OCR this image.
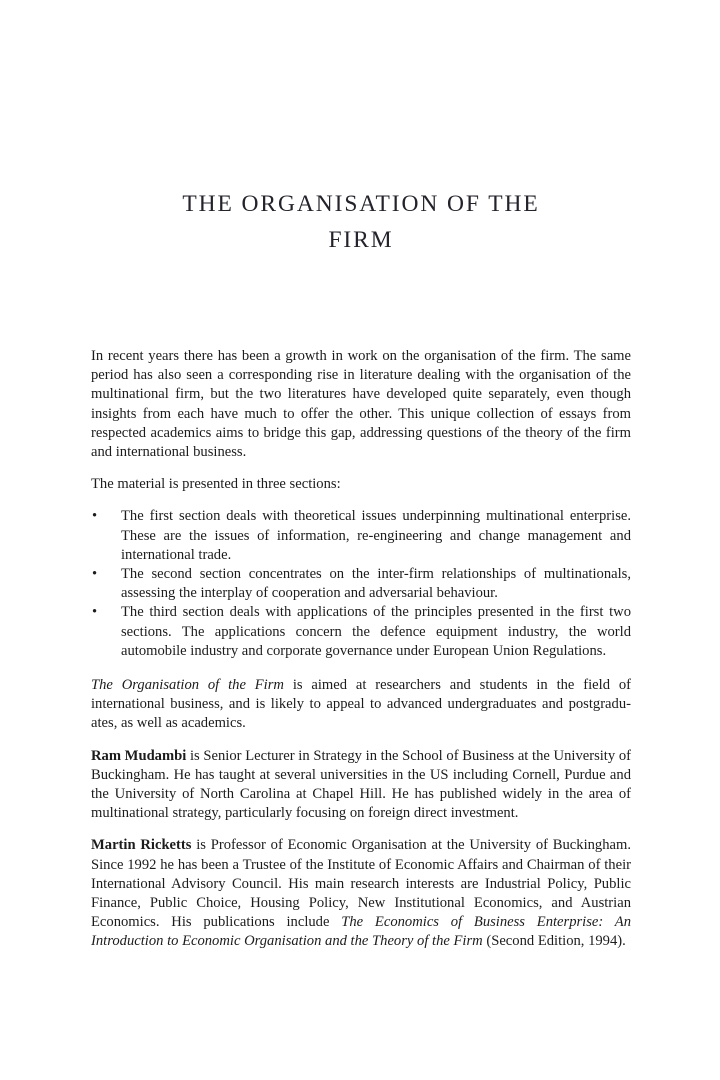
THE ORGANISATION OF THE
FIRM

In recent years there has been a growth in work on the organisation of the firm. The same period has also seen a corresponding rise in literature dealing with the organisation of the multinational firm, but the two literatures have developed quite separately, even though insights from each have much to offer the other. This unique collection of essays from respected academics aims to bridge this gap, addressing questions of the theory of the firm and international business.

The material is presented in three sections:

• The first section deals with theoretical issues underpinning multinational enterprise. These are the issues of information, re-engineering and change management and international trade.
• The second section concentrates on the inter-firm relationships of multinationals, assessing the interplay of cooperation and adversarial behaviour.
• The third section deals with applications of the principles presented in the first two sections. The applications concern the defence equipment industry, the world automobile industry and corporate governance under European Union Regulations.

The Organisation of the Firm is aimed at researchers and students in the field of international business, and is likely to appeal to advanced undergraduates and postgradu-ates, as well as academics.

Ram Mudambi is Senior Lecturer in Strategy in the School of Business at the University of Buckingham. He has taught at several universities in the US including Cornell, Purdue and the University of North Carolina at Chapel Hill. He has published widely in the area of multinational strategy, particularly focusing on foreign direct investment.

Martin Ricketts is Professor of Economic Organisation at the University of Buckingham. Since 1992 he has been a Trustee of the Institute of Economic Affairs and Chairman of their International Advisory Council. His main research interests are Industrial Policy, Public Finance, Public Choice, Housing Policy, New Institutional Economics, and Austrian Economics. His publications include The Economics of Business Enterprise: An Introduction to Economic Organisation and the Theory of the Firm (Second Edition, 1994).
